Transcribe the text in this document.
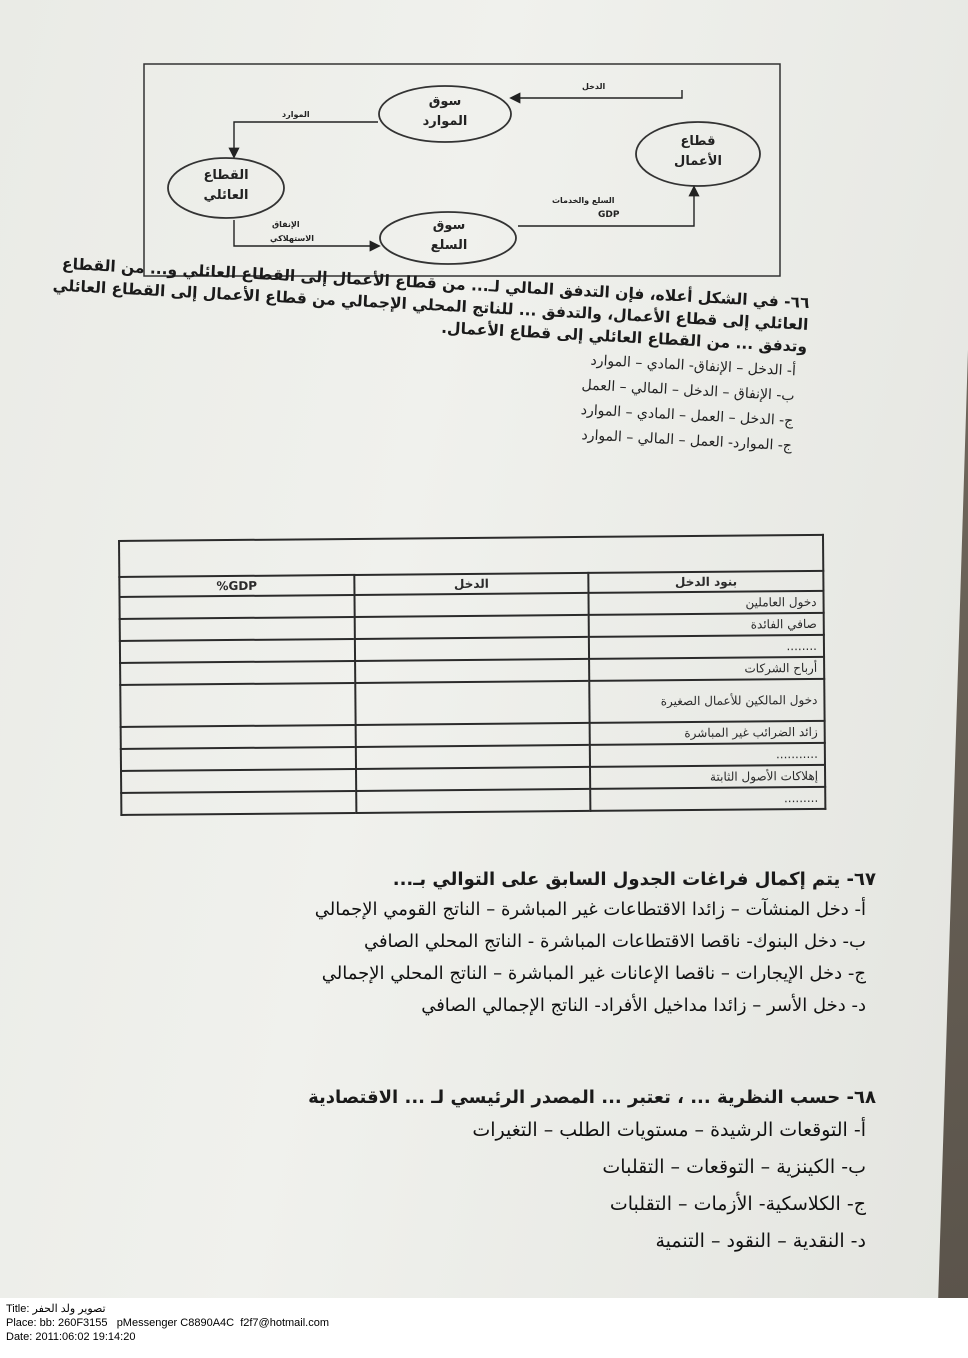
سوق
الموارد
قطاع
الأعمال
القطاع
العائلي
سوق
السلع
الدخل
الموارد
السلع والخدمات
GDP
الإنفاق
الاستهلاكي
٦٦- في الشكل أعلاه، فإن التدفق المالي لـ... من قطاع الأعمال إلى القطاع العائلي و... من القطاع العائلي إلى قطاع الأعمال، والتدفق ... للناتج المحلي الإجمالي من قطاع الأعمال إلى القطاع العائلي وتدفق ... من القطاع العائلي إلى قطاع الأعمال.
أ- الدخل – الإنفاق- المادي – الموارد
ب- الإنفاق – الدخل – المالي – العمل
ج- الدخل – العمل – المادي – الموارد
ج- الموارد- العمل – المالي – الموارد

بنود الدخل	الدخل	GDP%
دخول العاملين		
صافي الفائدة		
........		
أرباح الشركات		
دخول المالكين للأعمال الصغيرة		
زائد الضرائب غير المباشرة		
...........		
إهلاكات الأصول الثابتة		
.........		
٦٧- يتم إكمال فراغات الجدول السابق على التوالي بـ...
أ- دخل المنشآت – زائدا الاقتطاعات غير المباشرة – الناتج القومي الإجمالي
ب- دخل البنوك- ناقصا الاقتطاعات المباشرة - الناتج المحلي الصافي
ج- دخل الإيجارات – ناقصا الإعانات غير المباشرة – الناتج المحلي الإجمالي
د- دخل الأسر – زائدا مداخيل الأفراد- الناتج الإجمالي الصافي
٦٨- حسب النظرية ... ، تعتبر ... المصدر الرئيسي لـ ... الاقتصادية
أ- التوقعات الرشيدة – مستويات الطلب – التغيرات
ب- الكينزية – التوقعات – التقلبات
ج- الكلاسكية- الأزمات – التقلبات
د- النقدية – النقود – التنمية
Title: تصوير ولد الحفر
Place: bb: 260F3155   pMessenger C8890A4C  f2f7@hotmail.com
Date: 2011:06:02 19:14:20
